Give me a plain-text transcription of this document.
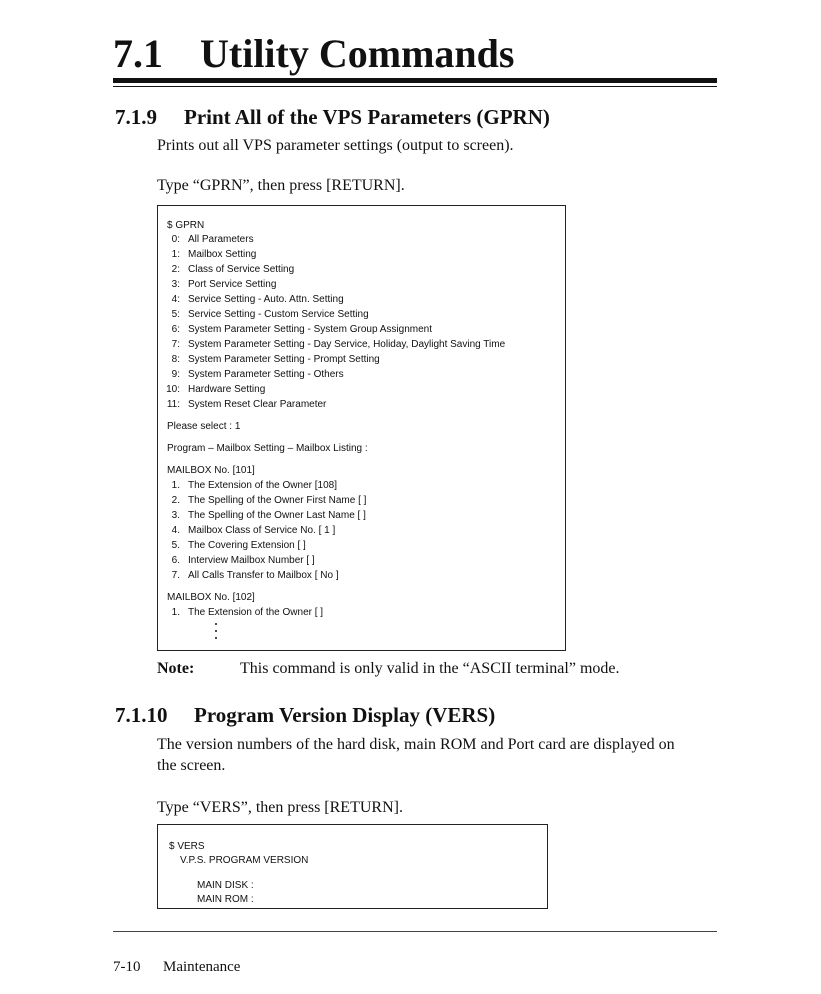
7.1 Utility Commands
7.1.9 Print All of the VPS Parameters (GPRN)
Prints out all VPS parameter settings (output to screen).
Type “GPRN”, then press [RETURN].
$ GPRN
0: All Parameters
1: Mailbox Setting
2: Class of Service Setting
3: Port Service Setting
4: Service Setting - Auto. Attn. Setting
5: Service Setting - Custom Service Setting
6: System Parameter Setting - System Group Assignment
7: System Parameter Setting - Day Service, Holiday, Daylight Saving Time
8: System Parameter Setting - Prompt Setting
9: System Parameter Setting - Others
10: Hardware Setting
11: System Reset Clear Parameter
Please select : 1
Program – Mailbox Setting – Mailbox Listing :
MAILBOX No. [101]
1. The Extension of the Owner [108]
2. The Spelling of the Owner First Name [ ]
3. The Spelling of the Owner Last Name [ ]
4. Mailbox Class of Service No. [ 1 ]
5. The Covering Extension [ ]
6. Interview Mailbox Number [ ]
7. All Calls Transfer to Mailbox [ No ]
MAILBOX No. [102]
1. The Extension of the Owner [ ]
Note:	This command is only valid in the “ASCII terminal” mode.
7.1.10 Program Version Display (VERS)
The version numbers of the hard disk, main ROM and Port card are displayed on
the screen.
Type “VERS”, then press [RETURN].
$ VERS
V.P.S. PROGRAM VERSION
MAIN DISK :
MAIN ROM :
7-10 Maintenance
